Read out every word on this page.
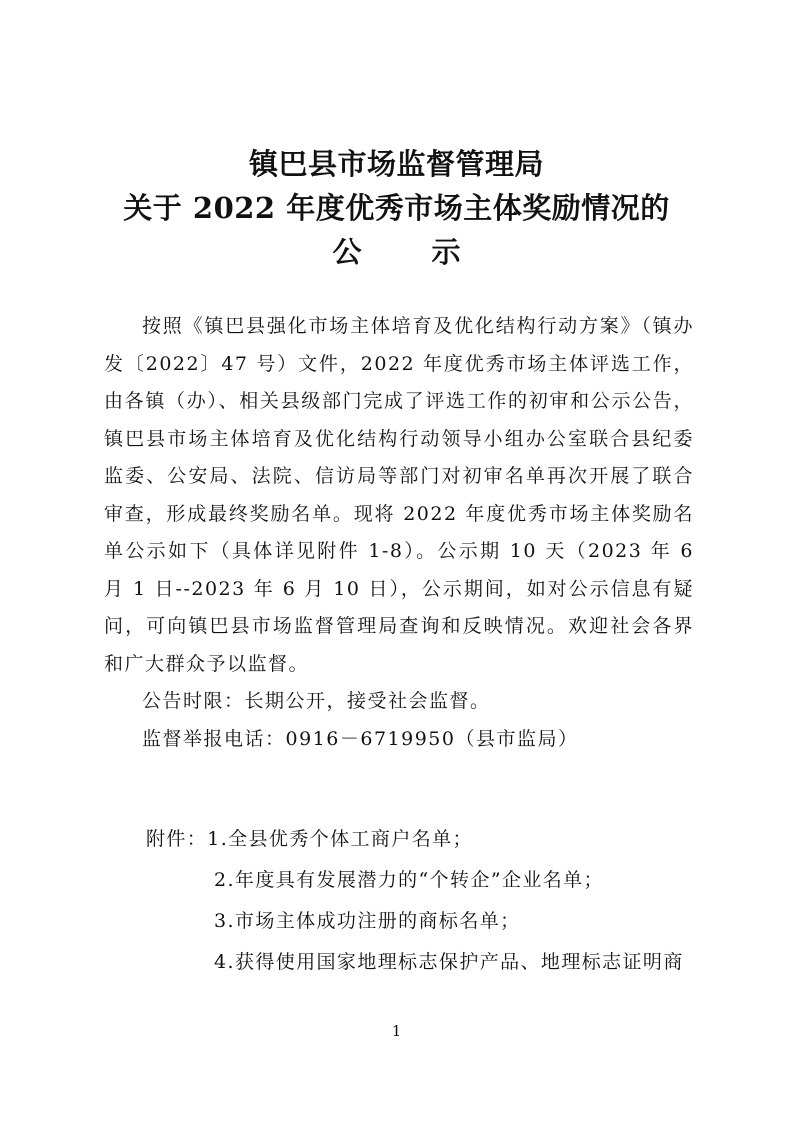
镇巴县市场监督管理局
关于 2022 年度优秀市场主体奖励情况的
公 示

按照《镇巴县强化市场主体培育及优化结构行动方案》（镇办发〔2022〕47 号）文件，2022 年度优秀市场主体评选工作，由各镇（办）、相关县级部门完成了评选工作的初审和公示公告，镇巴县市场主体培育及优化结构行动领导小组办公室联合县纪委监委、公安局、法院、信访局等部门对初审名单再次开展了联合审查，形成最终奖励名单。现将 2022 年度优秀市场主体奖励名单公示如下（具体详见附件 1-8）。公示期 10 天（2023 年 6 月 1 日--2023 年 6 月 10 日），公示期间，如对公示信息有疑问，可向镇巴县市场监督管理局查询和反映情况。欢迎社会各界和广大群众予以监督。

公告时限：长期公开，接受社会监督。

监督举报电话：0916－6719950（县市监局）

附件：1.全县优秀个体工商户名单；
2.年度具有发展潜力的“个转企”企业名单；
3.市场主体成功注册的商标名单；
4.获得使用国家地理标志保护产品、地理标志证明商
1
